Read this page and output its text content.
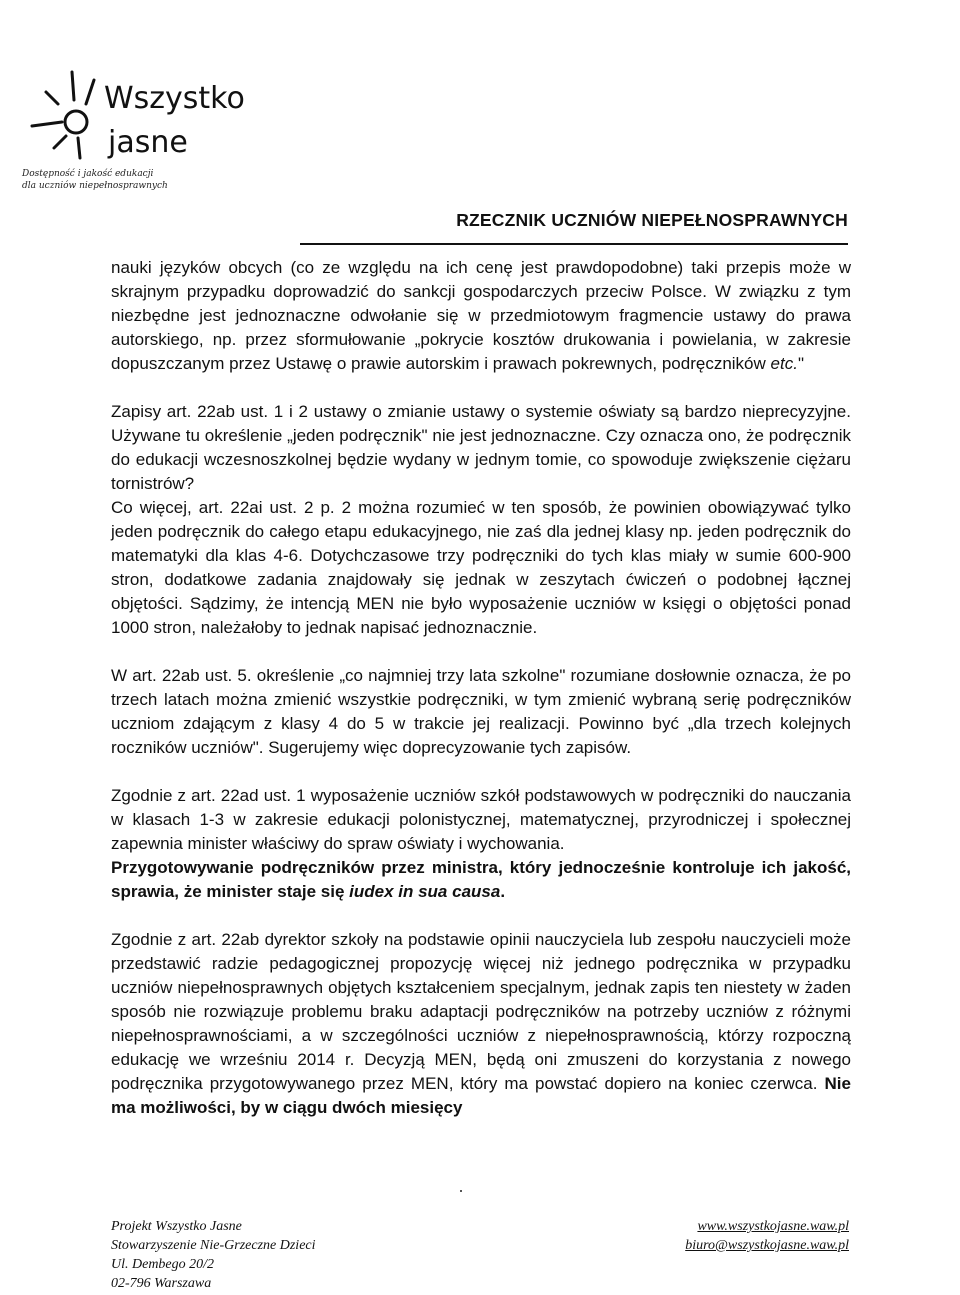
Wszystko
jasne
Dostępność i jakość edukacji
dla uczniów niepełnosprawnych
RZECZNIK UCZNIÓW NIEPEŁNOSPRAWNYCH

nauki języków obcych (co ze względu na ich cenę jest prawdopodobne) taki przepis może w skrajnym przypadku doprowadzić do sankcji gospodarczych przeciw Polsce. W związku z tym niezbędne jest jednoznaczne odwołanie się w przedmiotowym fragmencie ustawy do prawa autorskiego, np. przez sformułowanie „pokrycie kosztów drukowania i powielania, w zakresie dopuszczanym przez Ustawę o prawie autorskim i prawach pokrewnych, podręczników etc."

Zapisy art. 22ab ust. 1 i 2 ustawy o zmianie ustawy o systemie oświaty są bardzo nieprecyzyjne. Używane tu określenie „jeden podręcznik" nie jest jednoznaczne. Czy oznacza ono, że podręcznik do edukacji wczesnoszkolnej będzie wydany w jednym tomie, co spowoduje zwiększenie ciężaru tornistrów?

Co więcej, art. 22ai ust. 2 p. 2 można rozumieć w ten sposób, że powinien obowiązywać tylko jeden podręcznik do całego etapu edukacyjnego, nie zaś dla jednej klasy np. jeden podręcznik do matematyki dla klas 4-6. Dotychczasowe trzy podręczniki do tych klas miały w sumie 600-900 stron, dodatkowe zadania znajdowały się jednak w zeszytach ćwiczeń o podobnej łącznej objętości. Sądzimy, że intencją MEN nie było wyposażenie uczniów w księgi o objętości ponad 1000 stron, należałoby to jednak napisać jednoznacznie.

W art. 22ab ust. 5. określenie „co najmniej trzy lata szkolne" rozumiane dosłownie oznacza, że po trzech latach można zmienić wszystkie podręczniki, w tym zmienić wybraną serię podręczników uczniom zdającym z klasy 4 do 5 w trakcie jej realizacji. Powinno być „dla trzech kolejnych roczników uczniów". Sugerujemy więc doprecyzowanie tych zapisów.

Zgodnie z art. 22ad ust. 1 wyposażenie uczniów szkół podstawowych w podręczniki do nauczania w klasach 1-3 w zakresie edukacji polonistycznej, matematycznej, przyrodniczej i społecznej zapewnia minister właściwy do spraw oświaty i wychowania.

Przygotowywanie podręczników przez ministra, który jednocześnie kontroluje ich jakość, sprawia, że minister staje się iudex in sua causa.

Zgodnie z art. 22ab dyrektor szkoły na podstawie opinii nauczyciela lub zespołu nauczycieli może przedstawić radzie pedagogicznej propozycję więcej niż jednego podręcznika w przypadku uczniów niepełnosprawnych objętych kształceniem specjalnym, jednak zapis ten niestety w żaden sposób nie rozwiązuje problemu braku adaptacji podręczników na potrzeby uczniów z różnymi niepełnosprawnościami, a w szczególności uczniów z niepełnosprawnością, którzy rozpoczną edukację we wrześniu 2014 r. Decyzją MEN, będą oni zmuszeni do korzystania z nowego podręcznika przygotowywanego przez MEN, który ma powstać dopiero na koniec czerwca. Nie ma możliwości, by w ciągu dwóch miesięcy

Projekt Wszystko Jasne
Stowarzyszenie Nie-Grzeczne Dzieci
Ul. Dembego 20/2
02-796 Warszawa
www.wszystkojasne.waw.pl
biuro@wszystkojasne.waw.pl
